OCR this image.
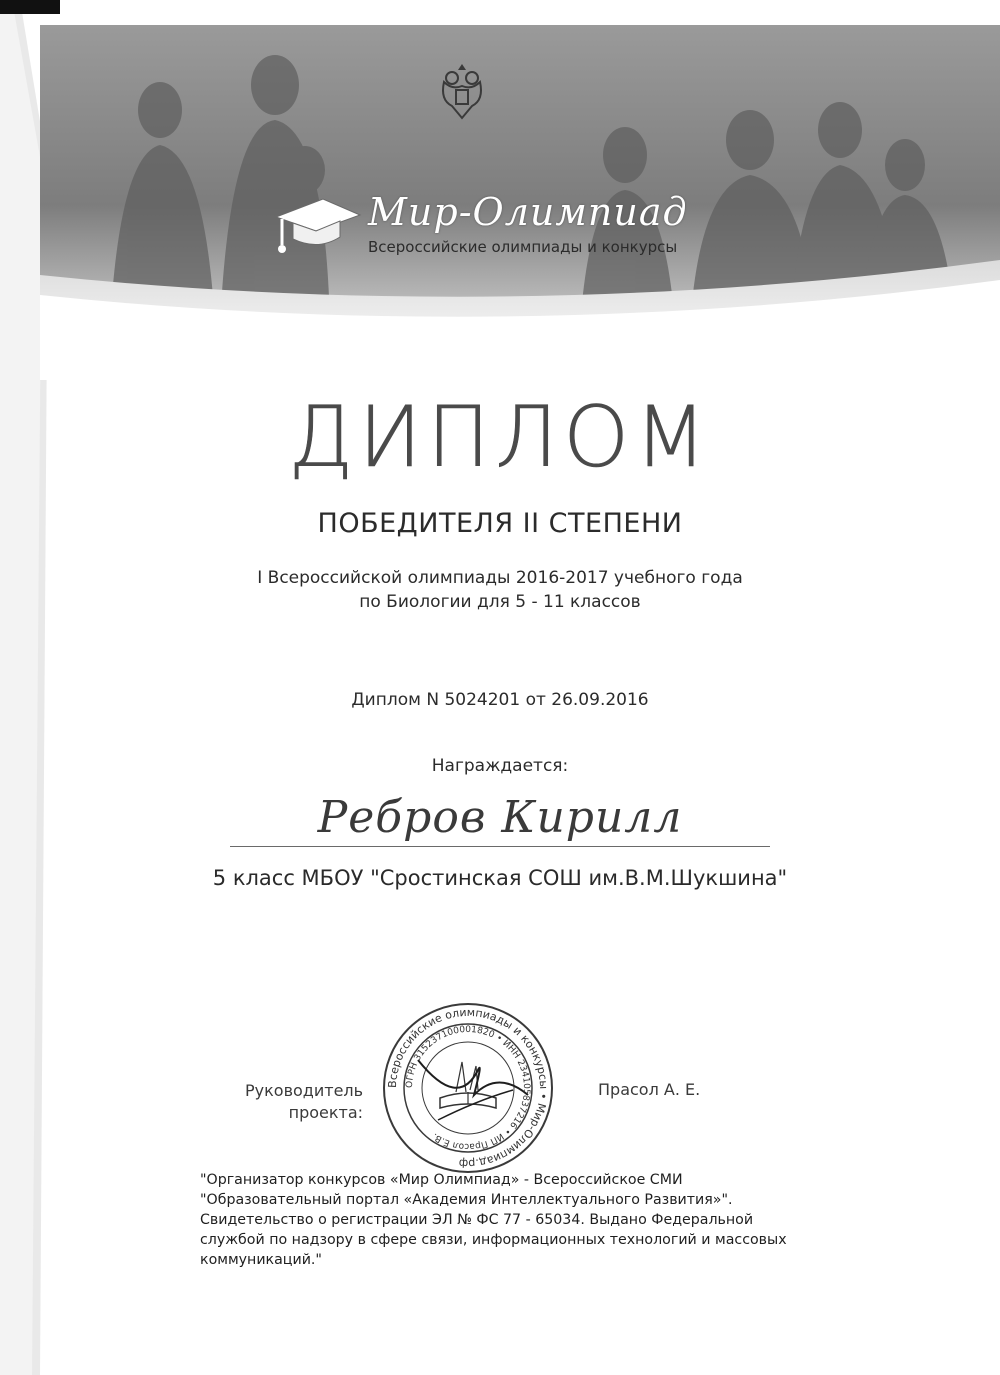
Мир-Олимпиад
Всероссийские олимпиады и конкурсы
ДИПЛОМ
ПОБЕДИТЕЛЯ II СТЕПЕНИ
I Всероссийской олимпиады 2016-2017 учебного года
по Биологии для 5 - 11 классов
Диплом N 5024201 от 26.09.2016
Награждается:
Ребров Кирилл
5 класс МБОУ "Сростинская СОШ им.В.М.Шукшина"
Руководитель
проекта:
Прасол А. Е.
Всероссийские олимпиады и конкурсы • Мир-Олимпиад.рф
ОГРН 315237100001820 • ИНН 234105837216 • ИП Прасол Е.В.
"Организатор конкурсов «Мир Олимпиад» - Всероссийское СМИ "Образовательный портал «Академия Интеллектуального Развития»". Свидетельство о регистрации ЭЛ № ФС 77 - 65034. Выдано Федеральной службой по надзору в сфере связи, информационных технологий и массовых коммуникаций."
